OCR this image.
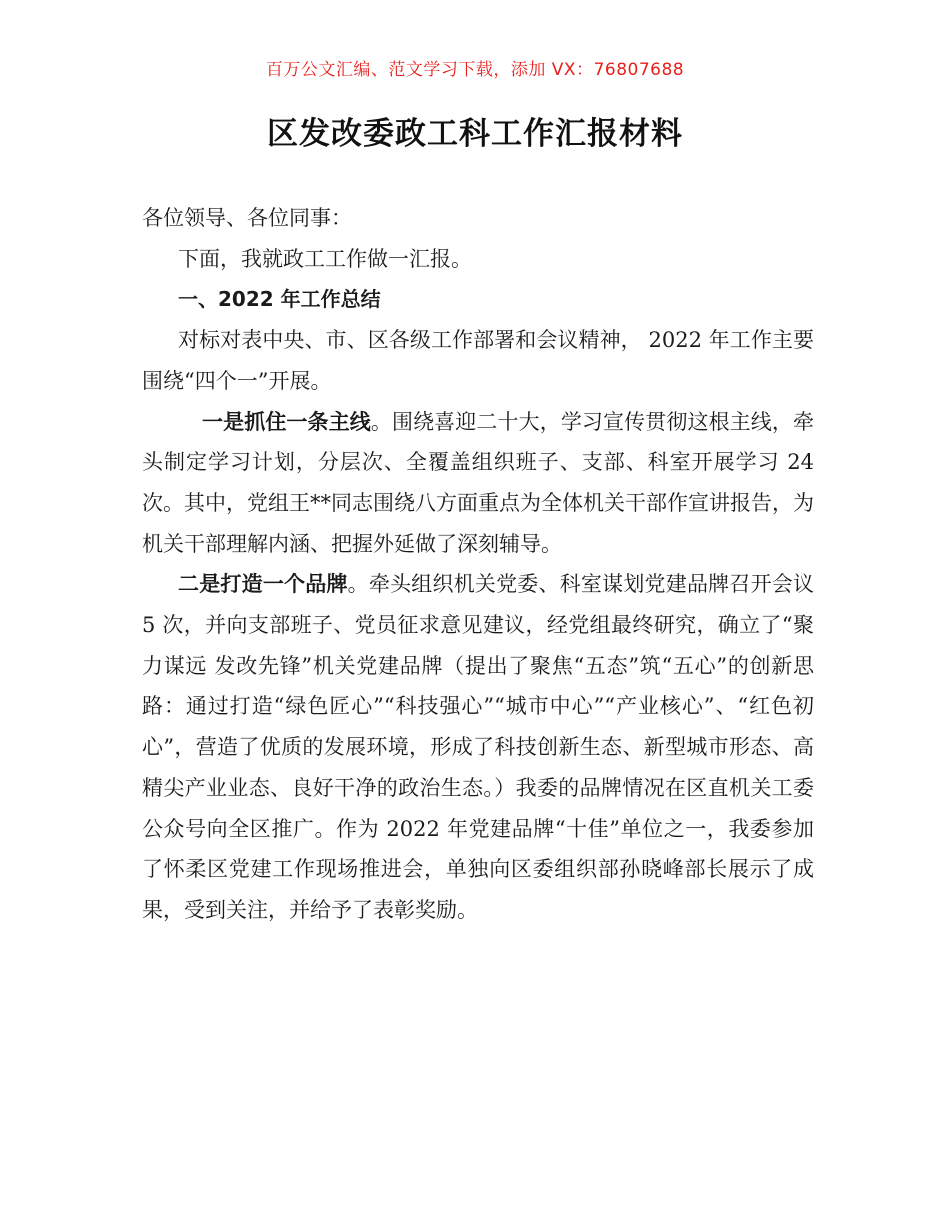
百万公文汇编、范文学习下载，添加 VX：76807688
区发改委政工科工作汇报材料

各位领导、各位同事：

下面，我就政工工作做一汇报。

一、2022 年工作总结

对标对表中央、市、区各级工作部署和会议精神， 2022 年工作主要围绕“四个一”开展。

一是抓住一条主线。围绕喜迎二十大，学习宣传贯彻这根主线，牵头制定学习计划，分层次、全覆盖组织班子、支部、科室开展学习 24 次。其中，党组王**同志围绕八方面重点为全体机关干部作宣讲报告，为机关干部理解内涵、把握外延做了深刻辅导。

二是打造一个品牌。牵头组织机关党委、科室谋划党建品牌召开会议 5 次，并向支部班子、党员征求意见建议，经党组最终研究，确立了“聚力谋远 发改先锋”机关党建品牌（提出了聚焦“五态”筑“五心”的创新思路：通过打造“绿色匠心”“科技强心”“城市中心”“产业核心”、“红色初心”，营造了优质的发展环境，形成了科技创新生态、新型城市形态、高精尖产业业态、良好干净的政治生态。）我委的品牌情况在区直机关工委公众号向全区推广。作为 2022 年党建品牌“十佳”单位之一，我委参加了怀柔区党建工作现场推进会，单独向区委组织部孙晓峰部长展示了成果，受到关注，并给予了表彰奖励。
